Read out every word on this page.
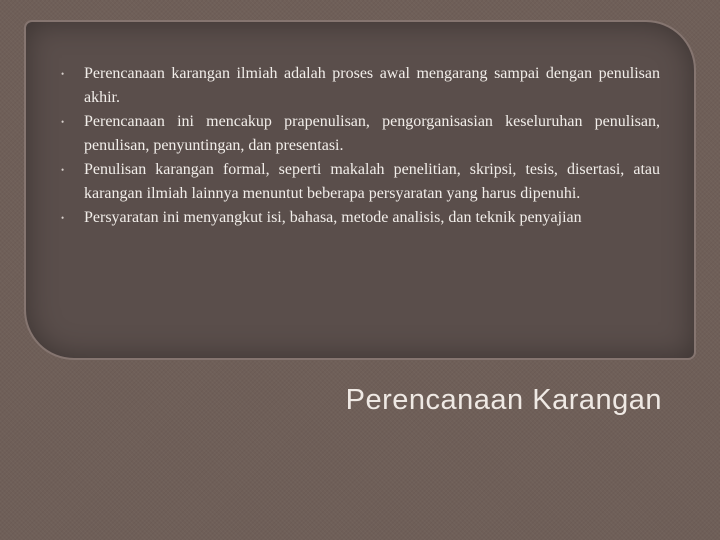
• Perencanaan karangan ilmiah adalah proses awal mengarang sampai dengan penulisan akhir.
• Perencanaan ini mencakup prapenulisan, pengorganisasian keseluruhan penulisan, penulisan, penyuntingan, dan presentasi.
• Penulisan karangan formal, seperti makalah penelitian, skripsi, tesis, disertasi, atau karangan ilmiah lainnya menuntut beberapa persyaratan yang harus dipenuhi.
• Persyaratan ini menyangkut isi, bahasa, metode analisis, dan teknik penyajian
Perencanaan Karangan
